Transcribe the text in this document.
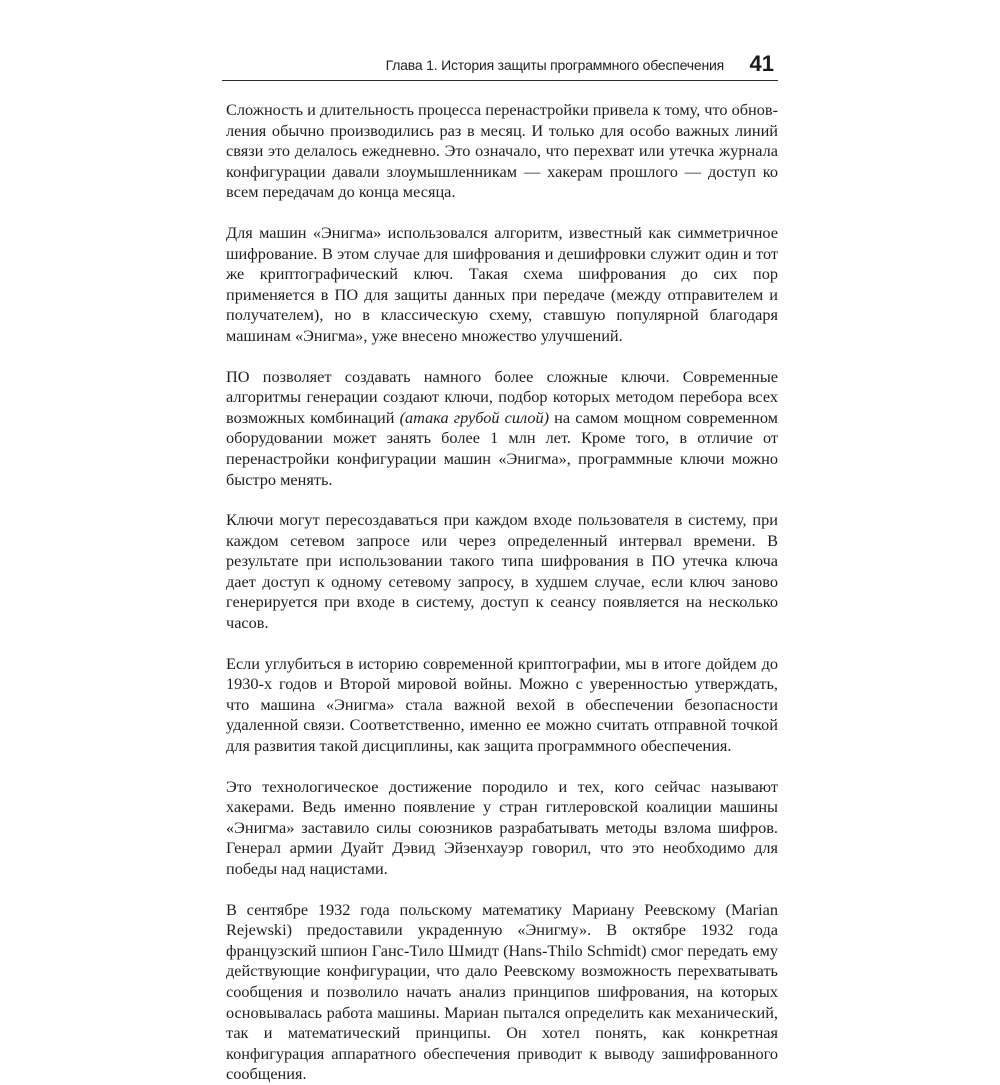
Глава 1. История защиты программного обеспечения 41

Сложность и длительность процесса перенастройки привела к тому, что обновления обычно производились раз в месяц. И только для особо важных линий связи это делалось ежедневно. Это означало, что перехват или утечка журнала конфигурации давали злоумышленникам — хакерам прошлого — доступ ко всем передачам до конца месяца.

Для машин «Энигма» использовался алгоритм, известный как симметричное шифрование. В этом случае для шифрования и дешифровки служит один и тот же криптографический ключ. Такая схема шифрования до сих пор применяется в ПО для защиты данных при передаче (между отправителем и получателем), но в классическую схему, ставшую популярной благодаря машинам «Энигма», уже внесено множество улучшений.

ПО позволяет создавать намного более сложные ключи. Современные алгоритмы генерации создают ключи, подбор которых методом перебора всех возможных комбинаций (атака грубой силой) на самом мощном современном оборудовании может занять более 1 млн лет. Кроме того, в отличие от перенастройки конфигурации машин «Энигма», программные ключи можно быстро менять.

Ключи могут пересоздаваться при каждом входе пользователя в систему, при каждом сетевом запросе или через определенный интервал времени. В результате при использовании такого типа шифрования в ПО утечка ключа дает доступ к одному сетевому запросу, в худшем случае, если ключ заново генерируется при входе в систему, доступ к сеансу появляется на несколько часов.

Если углубиться в историю современной криптографии, мы в итоге дойдем до 1930-х годов и Второй мировой войны. Можно с уверенностью утверждать, что машина «Энигма» стала важной вехой в обеспечении безопасности удаленной связи. Соответственно, именно ее можно считать отправной точкой для развития такой дисциплины, как защита программного обеспечения.

Это технологическое достижение породило и тех, кого сейчас называют хакерами. Ведь именно появление у стран гитлеровской коалиции машины «Энигма» заставило силы союзников разрабатывать методы взлома шифров. Генерал армии Дуайт Дэвид Эйзенхауэр говорил, что это необходимо для победы над нацистами.

В сентябре 1932 года польскому математику Мариану Реевскому (Marian Rejewski) предоставили украденную «Энигму». В октябре 1932 года французский шпион Ганс-Тило Шмидт (Hans-Thilo Schmidt) смог передать ему действующие конфигурации, что дало Реевскому возможность перехватывать сообщения и позволило начать анализ принципов шифрования, на которых основывалась работа машины. Мариан пытался определить как механический, так и математический принципы. Он хотел понять, как конкретная конфигурация аппаратного обеспечения приводит к выводу зашифрованного сообщения.
